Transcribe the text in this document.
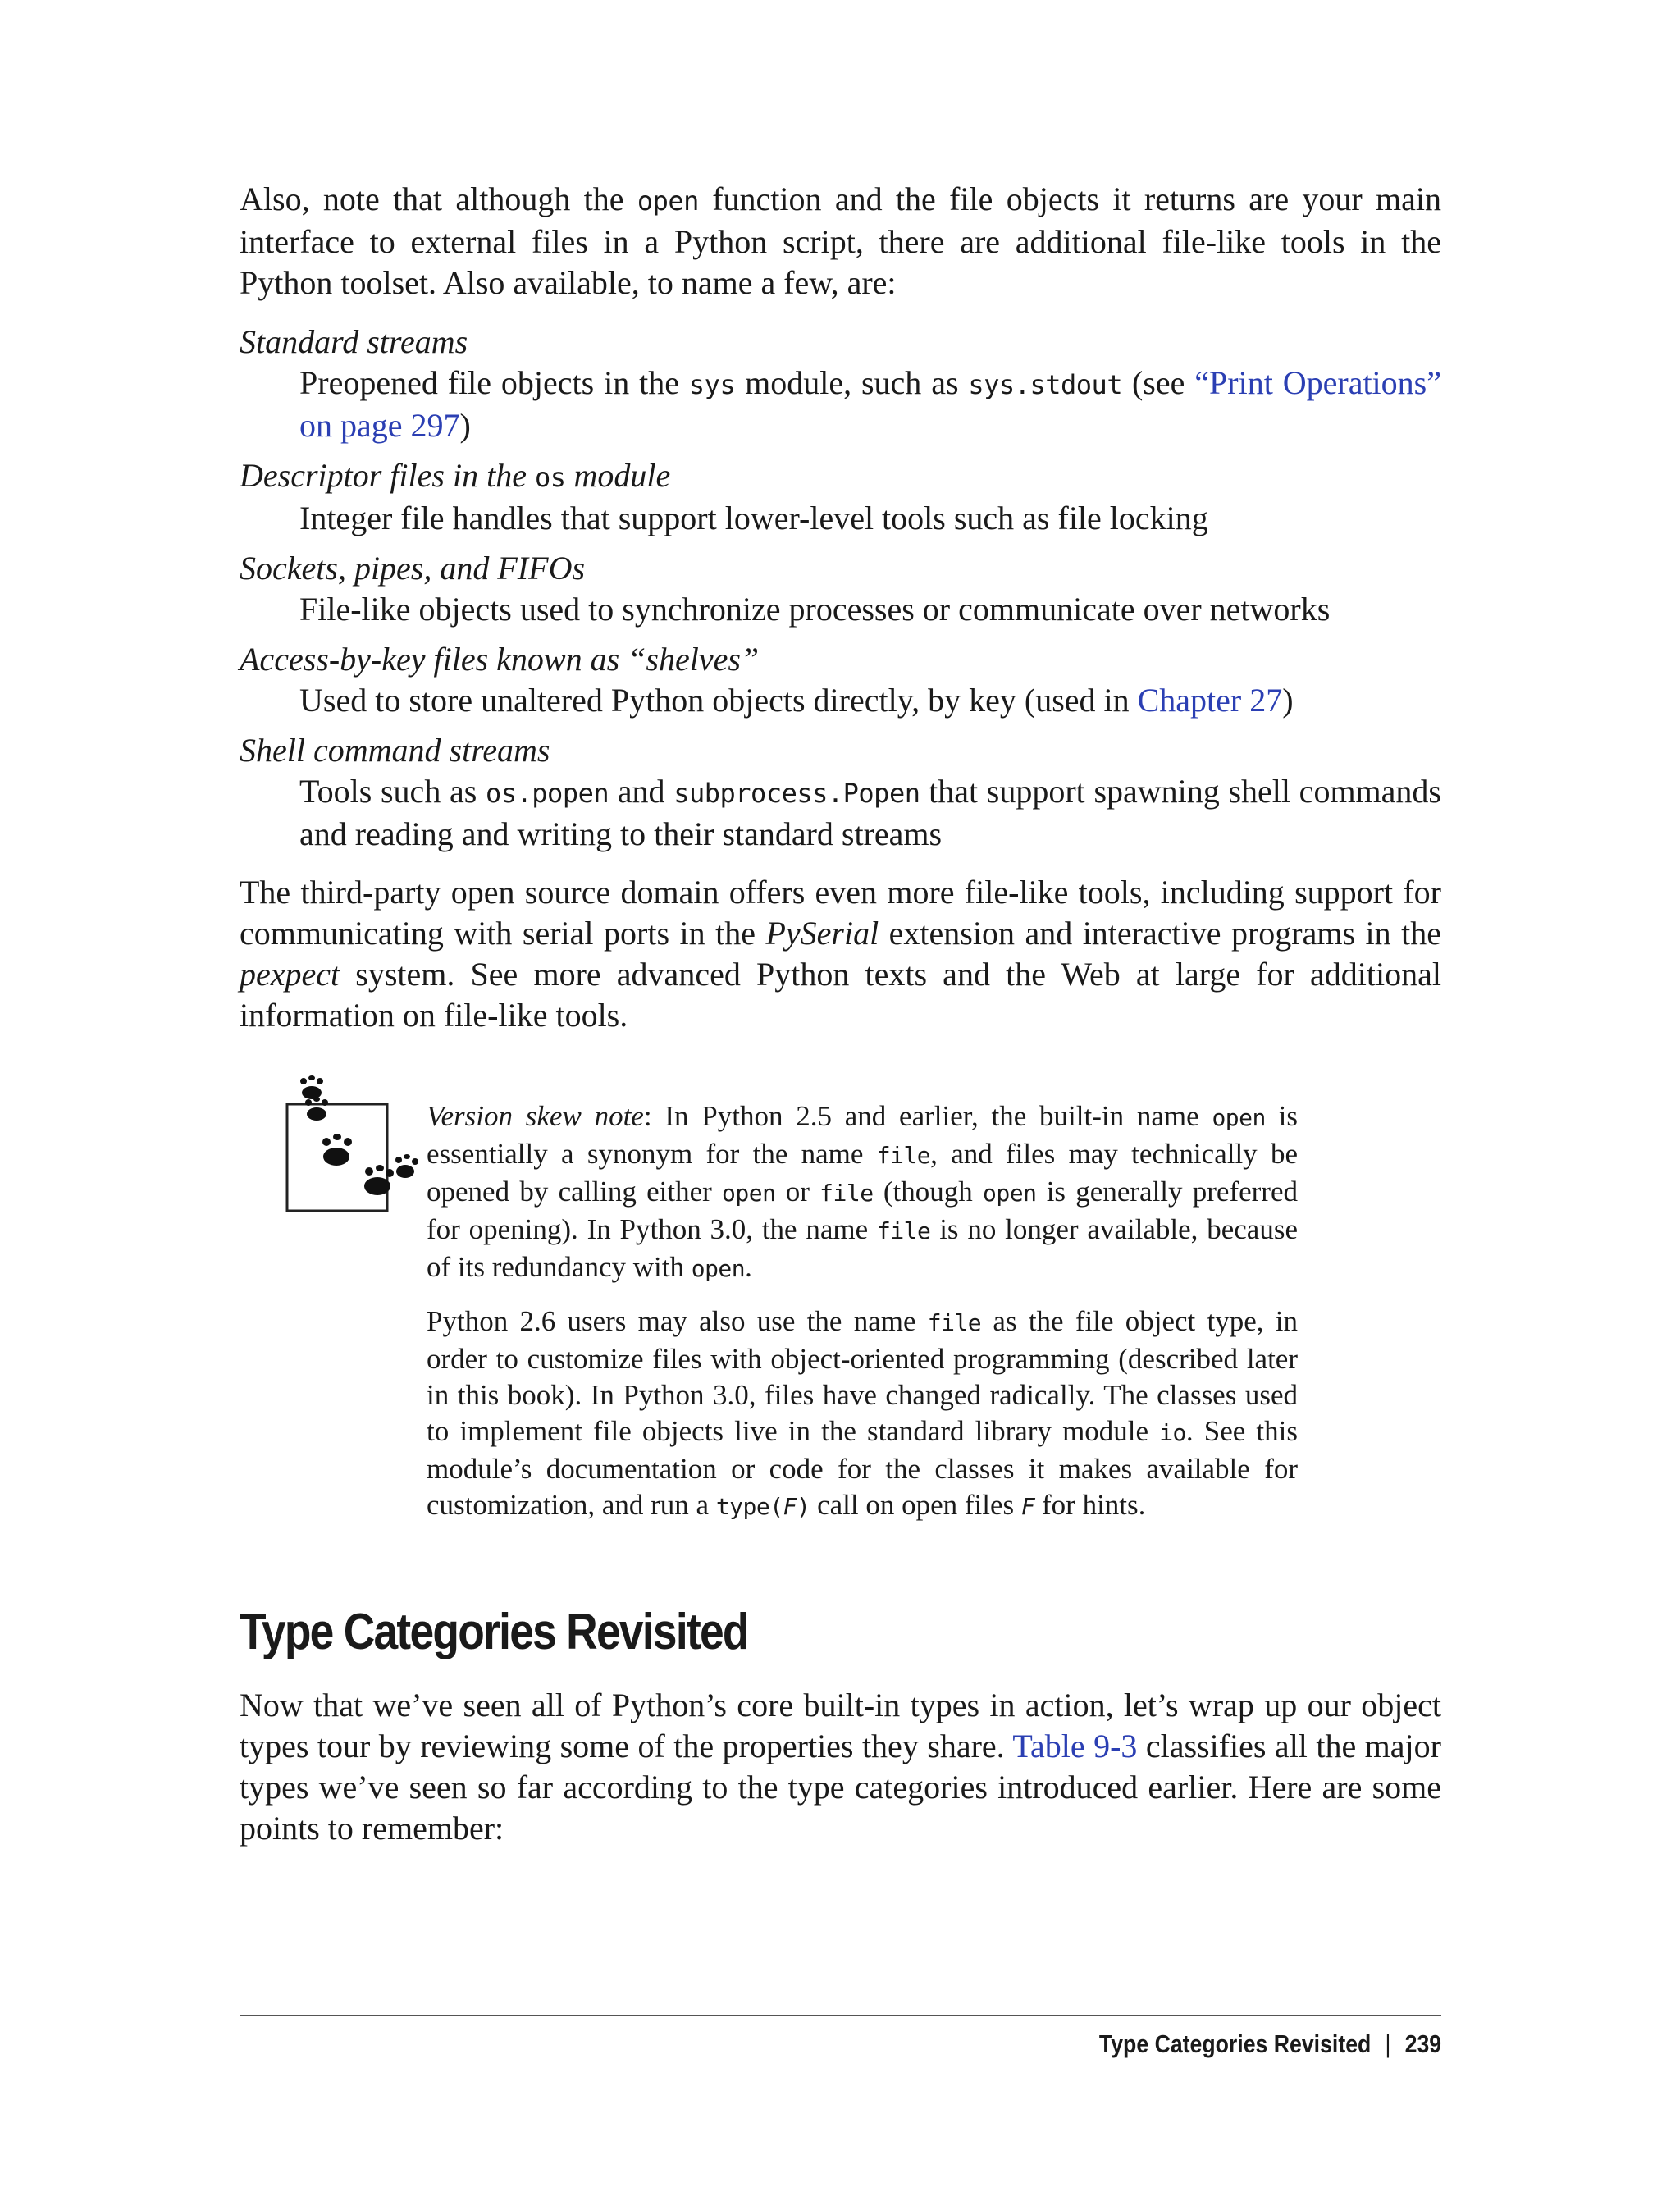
Also, note that although the open function and the file objects it returns are your main interface to external files in a Python script, there are additional file-like tools in the Python toolset. Also available, to name a few, are:

Standard streams
Preopened file objects in the sys module, such as sys.stdout (see “Print Operations” on page 297)
Descriptor files in the os module
Integer file handles that support lower-level tools such as file locking
Sockets, pipes, and FIFOs
File-like objects used to synchronize processes or communicate over networks
Access-by-key files known as “shelves”
Used to store unaltered Python objects directly, by key (used in Chapter 27)
Shell command streams
Tools such as os.popen and subprocess.Popen that support spawning shell commands and reading and writing to their standard streams

The third-party open source domain offers even more file-like tools, including support for communicating with serial ports in the PySerial extension and interactive programs in the pexpect system. See more advanced Python texts and the Web at large for additional information on file-like tools.

Version skew note: In Python 2.5 and earlier, the built-in name open is essentially a synonym for the name file, and files may technically be opened by calling either open or file (though open is generally preferred for opening). In Python 3.0, the name file is no longer available, because of its redundancy with open.

Python 2.6 users may also use the name file as the file object type, in order to customize files with object-oriented programming (described later in this book). In Python 3.0, files have changed radically. The classes used to implement file objects live in the standard library module io. See this module’s documentation or code for the classes it makes available for customization, and run a type(F) call on open files F for hints.

Type Categories Revisited

Now that we’ve seen all of Python’s core built-in types in action, let’s wrap up our object types tour by reviewing some of the properties they share. Table 9-3 classifies all the major types we’ve seen so far according to the type categories introduced earlier. Here are some points to remember:

Type Categories Revisited | 239
